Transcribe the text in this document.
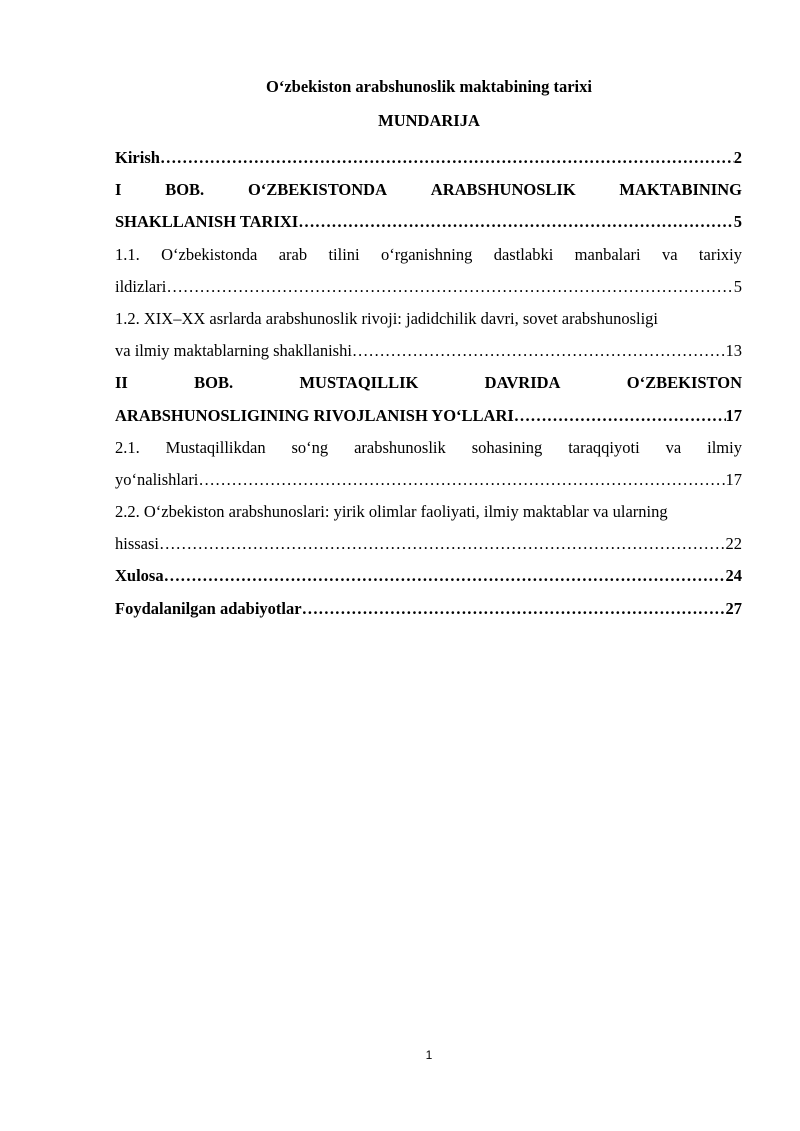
O‘zbekiston arabshunoslik maktabining tarixi
MUNDARIJA
Kirish ……………………………………………………………………………………………………………………………………………………………………………………	2
I	BOB.	O‘ZBEKISTONDA	ARABSHUNOSLIK	MAKTABINING
SHAKLLANISH TARIXI ……………………………………………………………………………………………………………………………………………………………………………………	5
1.1. O‘zbekistonda arab tilini o‘rganishning dastlabki manbalari va tarixiy
ildizlari ……………………………………………………………………………………………………………………………………………………………………………………	5
1.2. XIX–XX asrlarda arabshunoslik rivoji: jadidchilik davri, sovet arabshunosligi
va ilmiy maktablarning shakllanishi ……………………………………………………………………………………………………………………………………………………………………………………	13
II	BOB.	MUSTAQILLIK	DAVRIDA	O‘ZBEKISTON
ARABSHUNOSLIGINING RIVOJLANISH YO‘LLARI ……………………………………………………………………………………………………………………………………………………………………………………	17
2.1. Mustaqillikdan so‘ng arabshunoslik sohasining taraqqiyoti va ilmiy
yo‘nalishlari ……………………………………………………………………………………………………………………………………………………………………………………	17
2.2. O‘zbekiston arabshunoslari: yirik olimlar faoliyati, ilmiy maktablar va ularning
hissasi ……………………………………………………………………………………………………………………………………………………………………………………	22
Xulosa ……………………………………………………………………………………………………………………………………………………………………………………	24
Foydalanilgan adabiyotlar ……………………………………………………………………………………………………………………………………………………………………………………	27
1
